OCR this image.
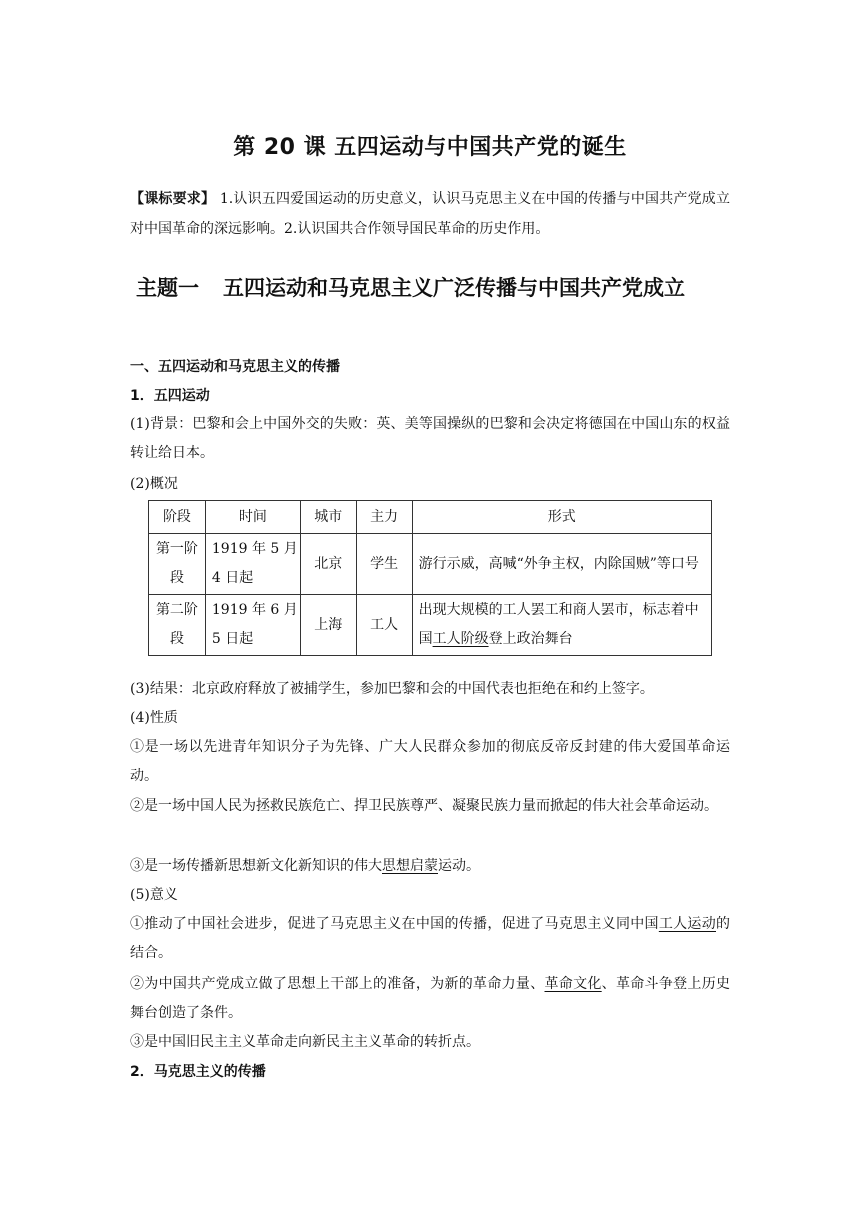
第 20 课 五四运动与中国共产党的诞生
【课标要求】 1.认识五四爱国运动的历史意义，认识马克思主义在中国的传播与中国共产党成立对中国革命的深远影响。2.认识国共合作领导国民革命的历史作用。
主题一 五四运动和马克思主义广泛传播与中国共产党成立
一、五四运动和马克思主义的传播
1．五四运动
(1)背景：巴黎和会上中国外交的失败：英、美等国操纵的巴黎和会决定将德国在中国山东的权益转让给日本。
(2)概况
阶段	时间	城市	主力	形式
第一阶段	1919 年 5 月 4 日起	北京	学生	游行示威，高喊“外争主权，内除国贼”等口号
第二阶段	1919 年 6 月 5 日起	上海	工人	出现大规模的工人罢工和商人罢市，标志着中国工人阶级登上政治舞台
(3)结果：北京政府释放了被捕学生，参加巴黎和会的中国代表也拒绝在和约上签字。
(4)性质
①是一场以先进青年知识分子为先锋、广大人民群众参加的彻底反帝反封建的伟大爱国革命运动。
②是一场中国人民为拯救民族危亡、捍卫民族尊严、凝聚民族力量而掀起的伟大社会革命运动。
③是一场传播新思想新文化新知识的伟大思想启蒙运动。
(5)意义
①推动了中国社会进步，促进了马克思主义在中国的传播，促进了马克思主义同中国工人运动的结合。
②为中国共产党成立做了思想上干部上的准备，为新的革命力量、革命文化、革命斗争登上历史舞台创造了条件。
③是中国旧民主主义革命走向新民主主义革命的转折点。
2．马克思主义的传播
